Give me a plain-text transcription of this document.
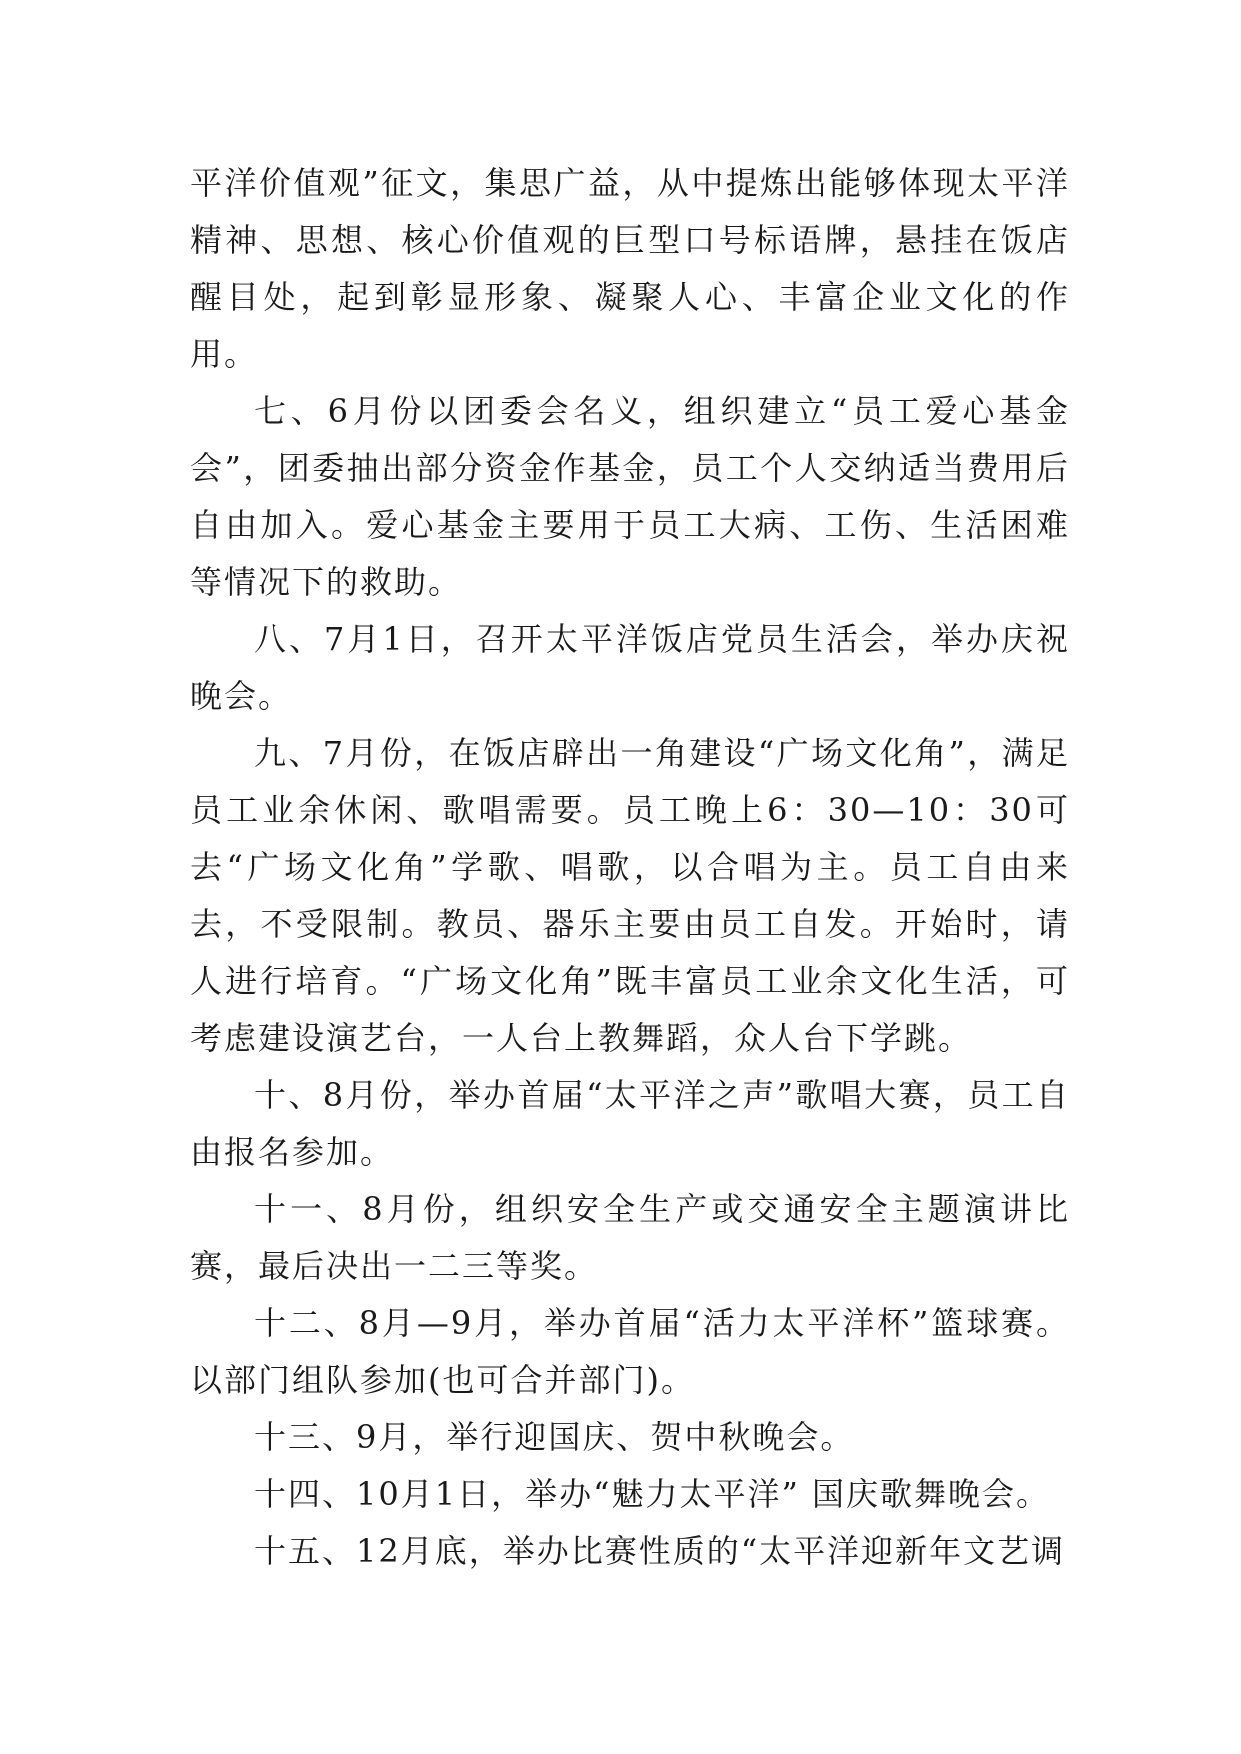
平洋价值观”征文，集思广益，从中提炼出能够体现太平洋精神、思想、核心价值观的巨型口号标语牌，悬挂在饭店醒目处，起到彰显形象、凝聚人心、丰富企业文化的作用。

七、6月份以团委会名义，组织建立“员工爱心基金会”，团委抽出部分资金作基金，员工个人交纳适当费用后自由加入。爱心基金主要用于员工大病、工伤、生活困难等情况下的救助。

八、7月1日，召开太平洋饭店党员生活会，举办庆祝晚会。

九、7月份，在饭店辟出一角建设“广场文化角”，满足员工业余休闲、歌唱需要。员工晚上6：30—10：30可去“广场文化角”学歌、唱歌，以合唱为主。员工自由来去，不受限制。教员、器乐主要由员工自发。开始时，请人进行培育。“广场文化角”既丰富员工业余文化生活，可考虑建设演艺台，一人台上教舞蹈，众人台下学跳。

十、8月份，举办首届“太平洋之声”歌唱大赛，员工自由报名参加。

十一、8月份，组织安全生产或交通安全主题演讲比赛，最后决出一二三等奖。

十二、8月—9月，举办首届“活力太平洋杯”篮球赛。以部门组队参加(也可合并部门)。

十三、9月，举行迎国庆、贺中秋晚会。

十四、10月1日，举办“魅力太平洋” 国庆歌舞晚会。

十五、12月底，举办比赛性质的“太平洋迎新年文艺调
